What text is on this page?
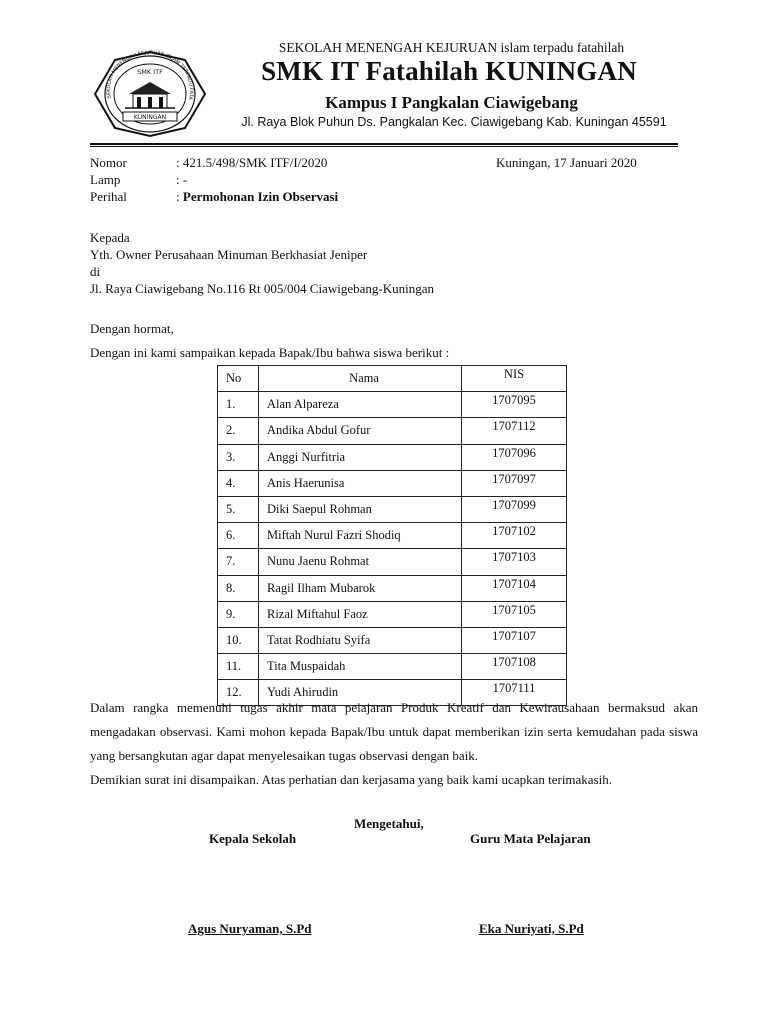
SEKOLAH MENENGAH KEJURUAN ISLAM TERPADU FATA
SMK ITF
KUNINGAN
SEKOLAH MENENGAH KEJURUAN islam terpadu fatahilah
SMK IT Fatahilah KUNINGAN
Kampus I Pangkalan Ciawigebang
Jl. Raya Blok Puhun Ds. Pangkalan Kec. Ciawigebang Kab. Kuningan 45591
Nomor	: 421.5/498/SMK ITF/I/2020	Kuningan, 17 Januari 2020
Lamp	: -
Perihal	: Permohonan Izin Observasi
Kepada
Yth. Owner Perusahaan Minuman Berkhasiat Jeniper
di
Jl. Raya Ciawigebang No.116 Rt 005/004 Ciawigebang-Kuningan
Dengan hormat,
Dengan ini kami sampaikan kepada Bapak/Ibu bahwa siswa berikut :
No	Nama	NIS
1.	Alan Alpareza	1707095
2.	Andika Abdul Gofur	1707112
3.	Anggi Nurfitria	1707096
4.	Anis Haerunisa	1707097
5.	Diki Saepul Rohman	1707099
6.	Miftah Nurul Fazri Shodiq	1707102
7.	Nunu Jaenu Rohmat	1707103
8.	Ragil Ilham Mubarok	1707104
9.	Rizal Miftahul Faoz	1707105
10.	Tatat Rodhiatu Syifa	1707107
11.	Tita Muspaidah	1707108
12.	Yudi Ahirudin	1707111
Dalam rangka memenuhi tugas akhir mata pelajaran Produk Kreatif dan Kewirausahaan bermaksud akan mengadakan observasi. Kami mohon kepada Bapak/Ibu untuk dapat memberikan izin serta kemudahan pada siswa yang bersangkutan agar dapat menyelesaikan tugas observasi dengan baik.
Demikian surat ini disampaikan. Atas perhatian dan kerjasama yang baik kami ucapkan terimakasih.
Mengetahui,
Kepala Sekolah	Guru Mata Pelajaran
Agus Nuryaman, S.Pd	Eka Nuriyati, S.Pd
